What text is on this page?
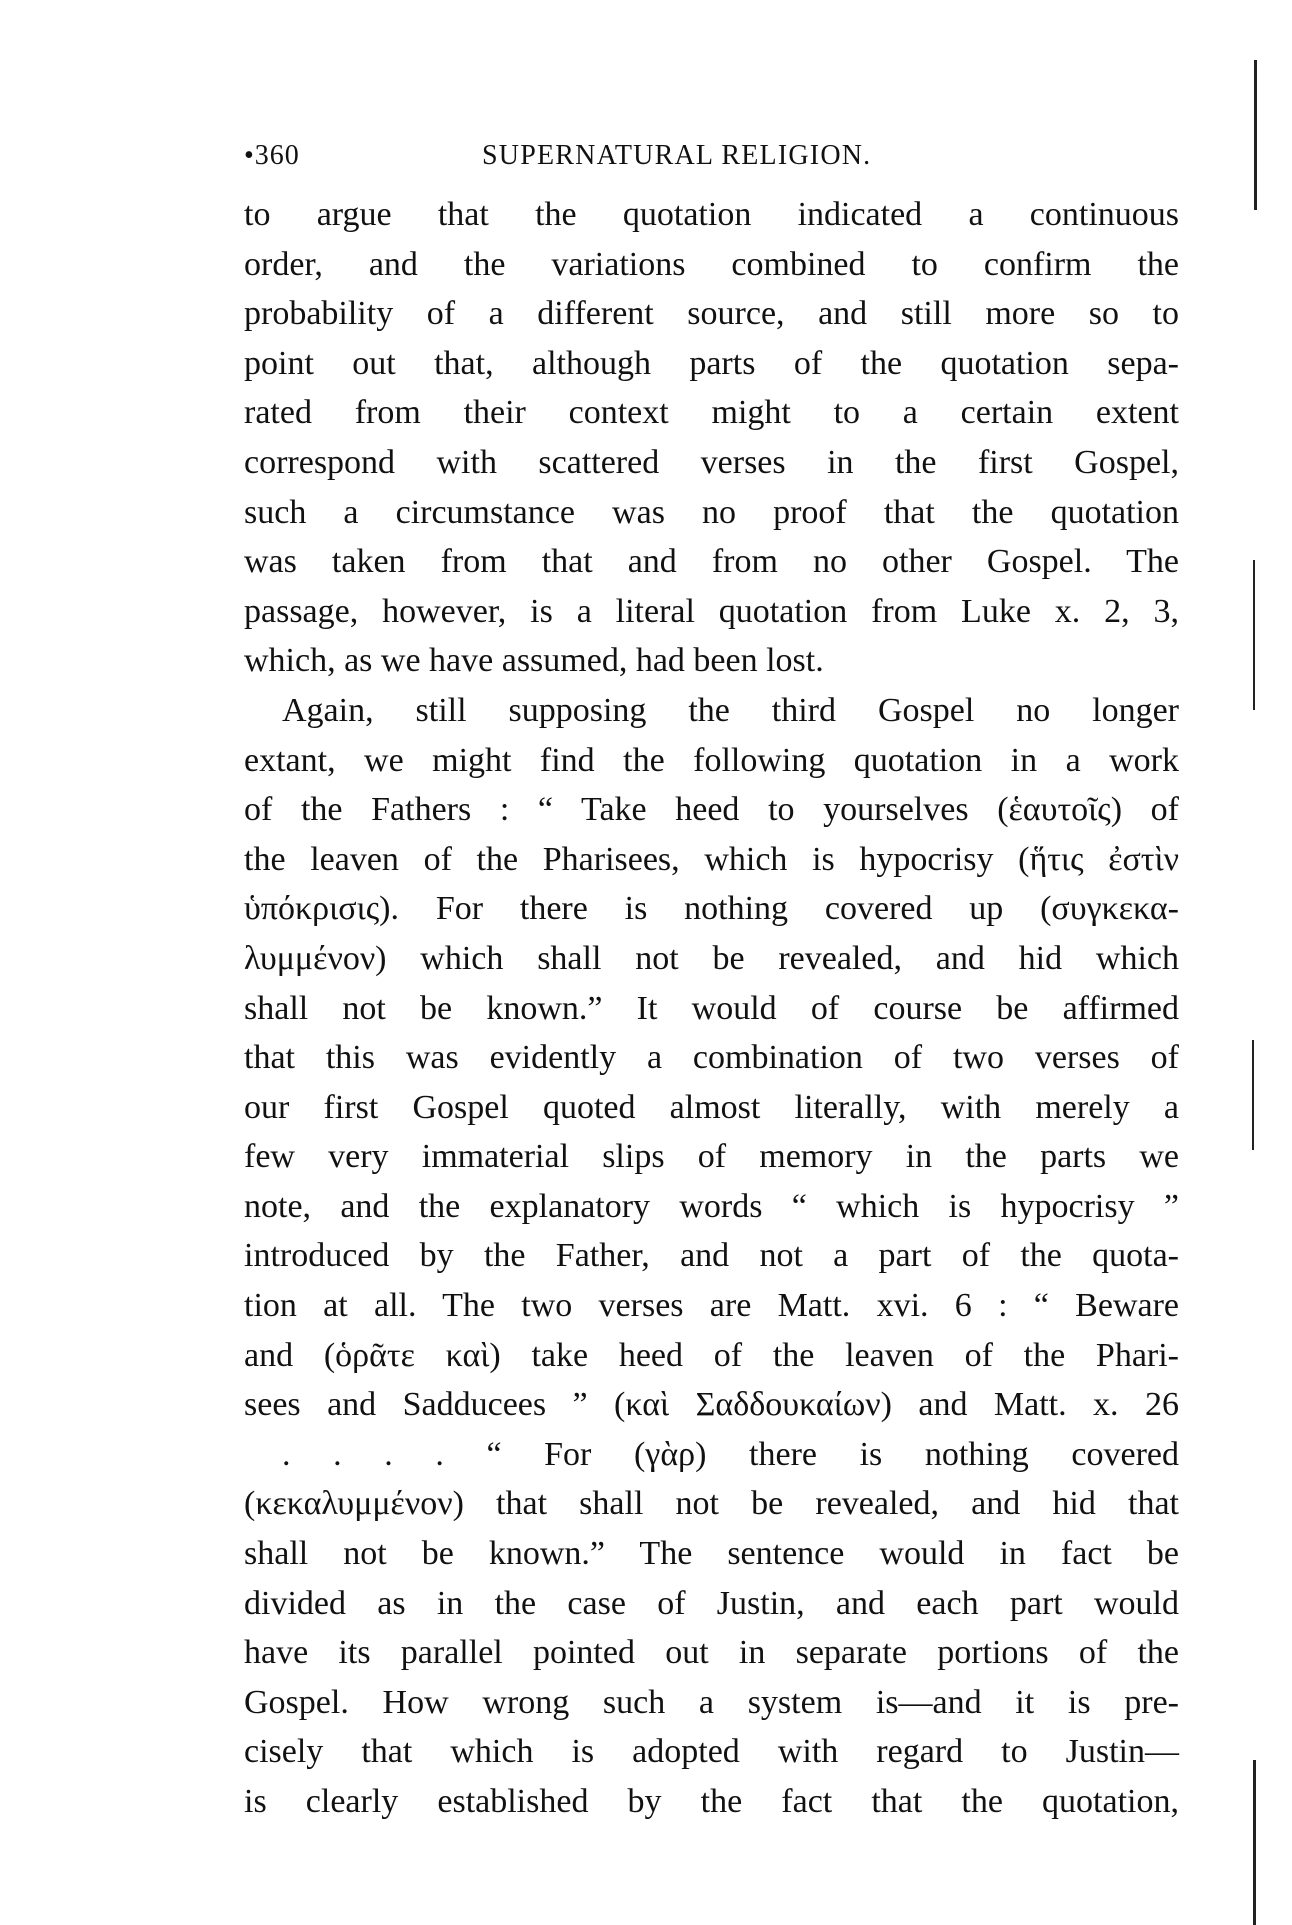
•360	SUPERNATURAL RELIGION.
to argue that the quotation indicated a continuous
order, and the variations combined to confirm the
probability of a different source, and still more so to
point out that, although parts of the quotation sepa-
rated from their context might to a certain extent
correspond with scattered verses in the first Gospel,
such a circumstance was no proof that the quotation
was taken from that and from no other Gospel. The
passage, however, is a literal quotation from Luke x. 2, 3,
which, as we have assumed, had been lost.
Again, still supposing the third Gospel no longer
extant, we might find the following quotation in a work
of the Fathers : “ Take heed to yourselves (ἑαυτοῖς) of
the leaven of the Pharisees, which is hypocrisy (ἥτις ἐστὶν
ὑπόκρισις). For there is nothing covered up (συγκεκα-
λυμμένον) which shall not be revealed, and hid which
shall not be known.” It would of course be affirmed
that this was evidently a combination of two verses of
our first Gospel quoted almost literally, with merely a
few very immaterial slips of memory in the parts we
note, and the explanatory words “ which is hypocrisy ”
introduced by the Father, and not a part of the quota-
tion at all. The two verses are Matt. xvi. 6 : “ Beware
and (ὁρᾶτε καὶ) take heed of the leaven of the Phari-
sees and Sadducees ” (καὶ Σαδδουκαίων) and Matt. x. 26
. . . . “ For (γὰρ) there is nothing covered
(κεκαλυμμένον) that shall not be revealed, and hid that
shall not be known.” The sentence would in fact be
divided as in the case of Justin, and each part would
have its parallel pointed out in separate portions of the
Gospel. How wrong such a system is—and it is pre-
cisely that which is adopted with regard to Justin—
is clearly established by the fact that the quotation,
